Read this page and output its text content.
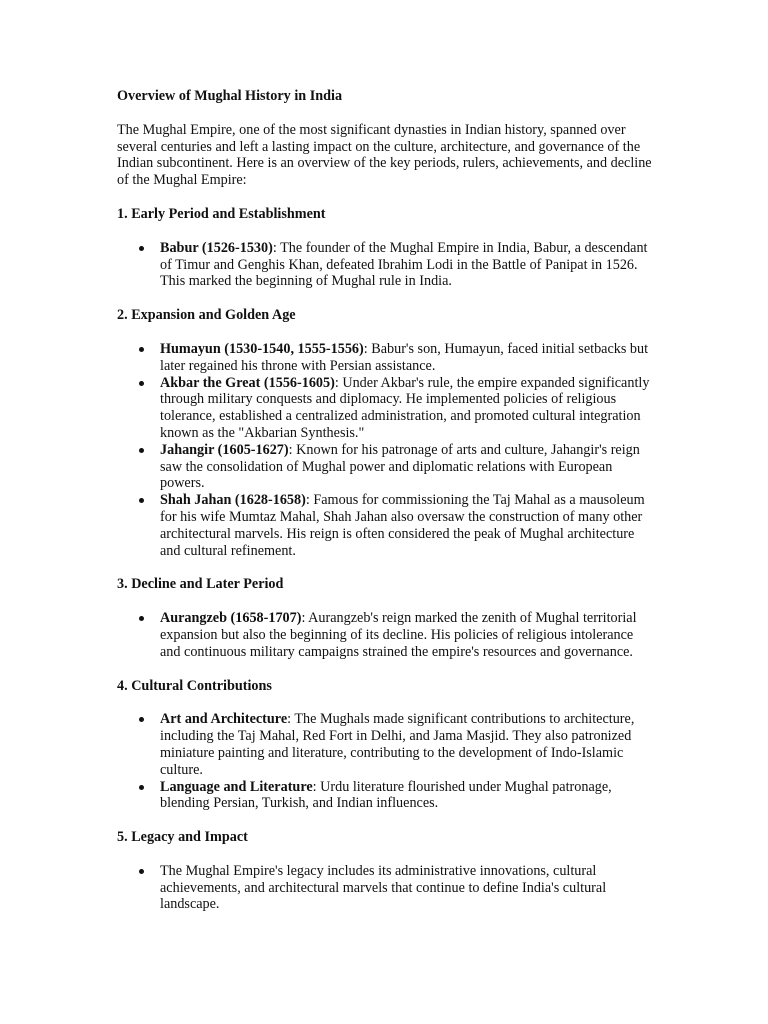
Overview of Mughal History in India

The Mughal Empire, one of the most significant dynasties in Indian history, spanned over several centuries and left a lasting impact on the culture, architecture, and governance of the Indian subcontinent. Here is an overview of the key periods, rulers, achievements, and decline of the Mughal Empire:

1. Early Period and Establishment

Babur (1526-1530): The founder of the Mughal Empire in India, Babur, a descendant of Timur and Genghis Khan, defeated Ibrahim Lodi in the Battle of Panipat in 1526. This marked the beginning of Mughal rule in India.

2. Expansion and Golden Age

Humayun (1530-1540, 1555-1556): Babur's son, Humayun, faced initial setbacks but later regained his throne with Persian assistance.
Akbar the Great (1556-1605): Under Akbar's rule, the empire expanded significantly through military conquests and diplomacy. He implemented policies of religious tolerance, established a centralized administration, and promoted cultural integration known as the "Akbarian Synthesis."
Jahangir (1605-1627): Known for his patronage of arts and culture, Jahangir's reign saw the consolidation of Mughal power and diplomatic relations with European powers.
Shah Jahan (1628-1658): Famous for commissioning the Taj Mahal as a mausoleum for his wife Mumtaz Mahal, Shah Jahan also oversaw the construction of many other architectural marvels. His reign is often considered the peak of Mughal architecture and cultural refinement.

3. Decline and Later Period

Aurangzeb (1658-1707): Aurangzeb's reign marked the zenith of Mughal territorial expansion but also the beginning of its decline. His policies of religious intolerance and continuous military campaigns strained the empire's resources and governance.

4. Cultural Contributions

Art and Architecture: The Mughals made significant contributions to architecture, including the Taj Mahal, Red Fort in Delhi, and Jama Masjid. They also patronized miniature painting and literature, contributing to the development of Indo-Islamic culture.
Language and Literature: Urdu literature flourished under Mughal patronage, blending Persian, Turkish, and Indian influences.

5. Legacy and Impact

The Mughal Empire's legacy includes its administrative innovations, cultural achievements, and architectural marvels that continue to define India's cultural landscape.
